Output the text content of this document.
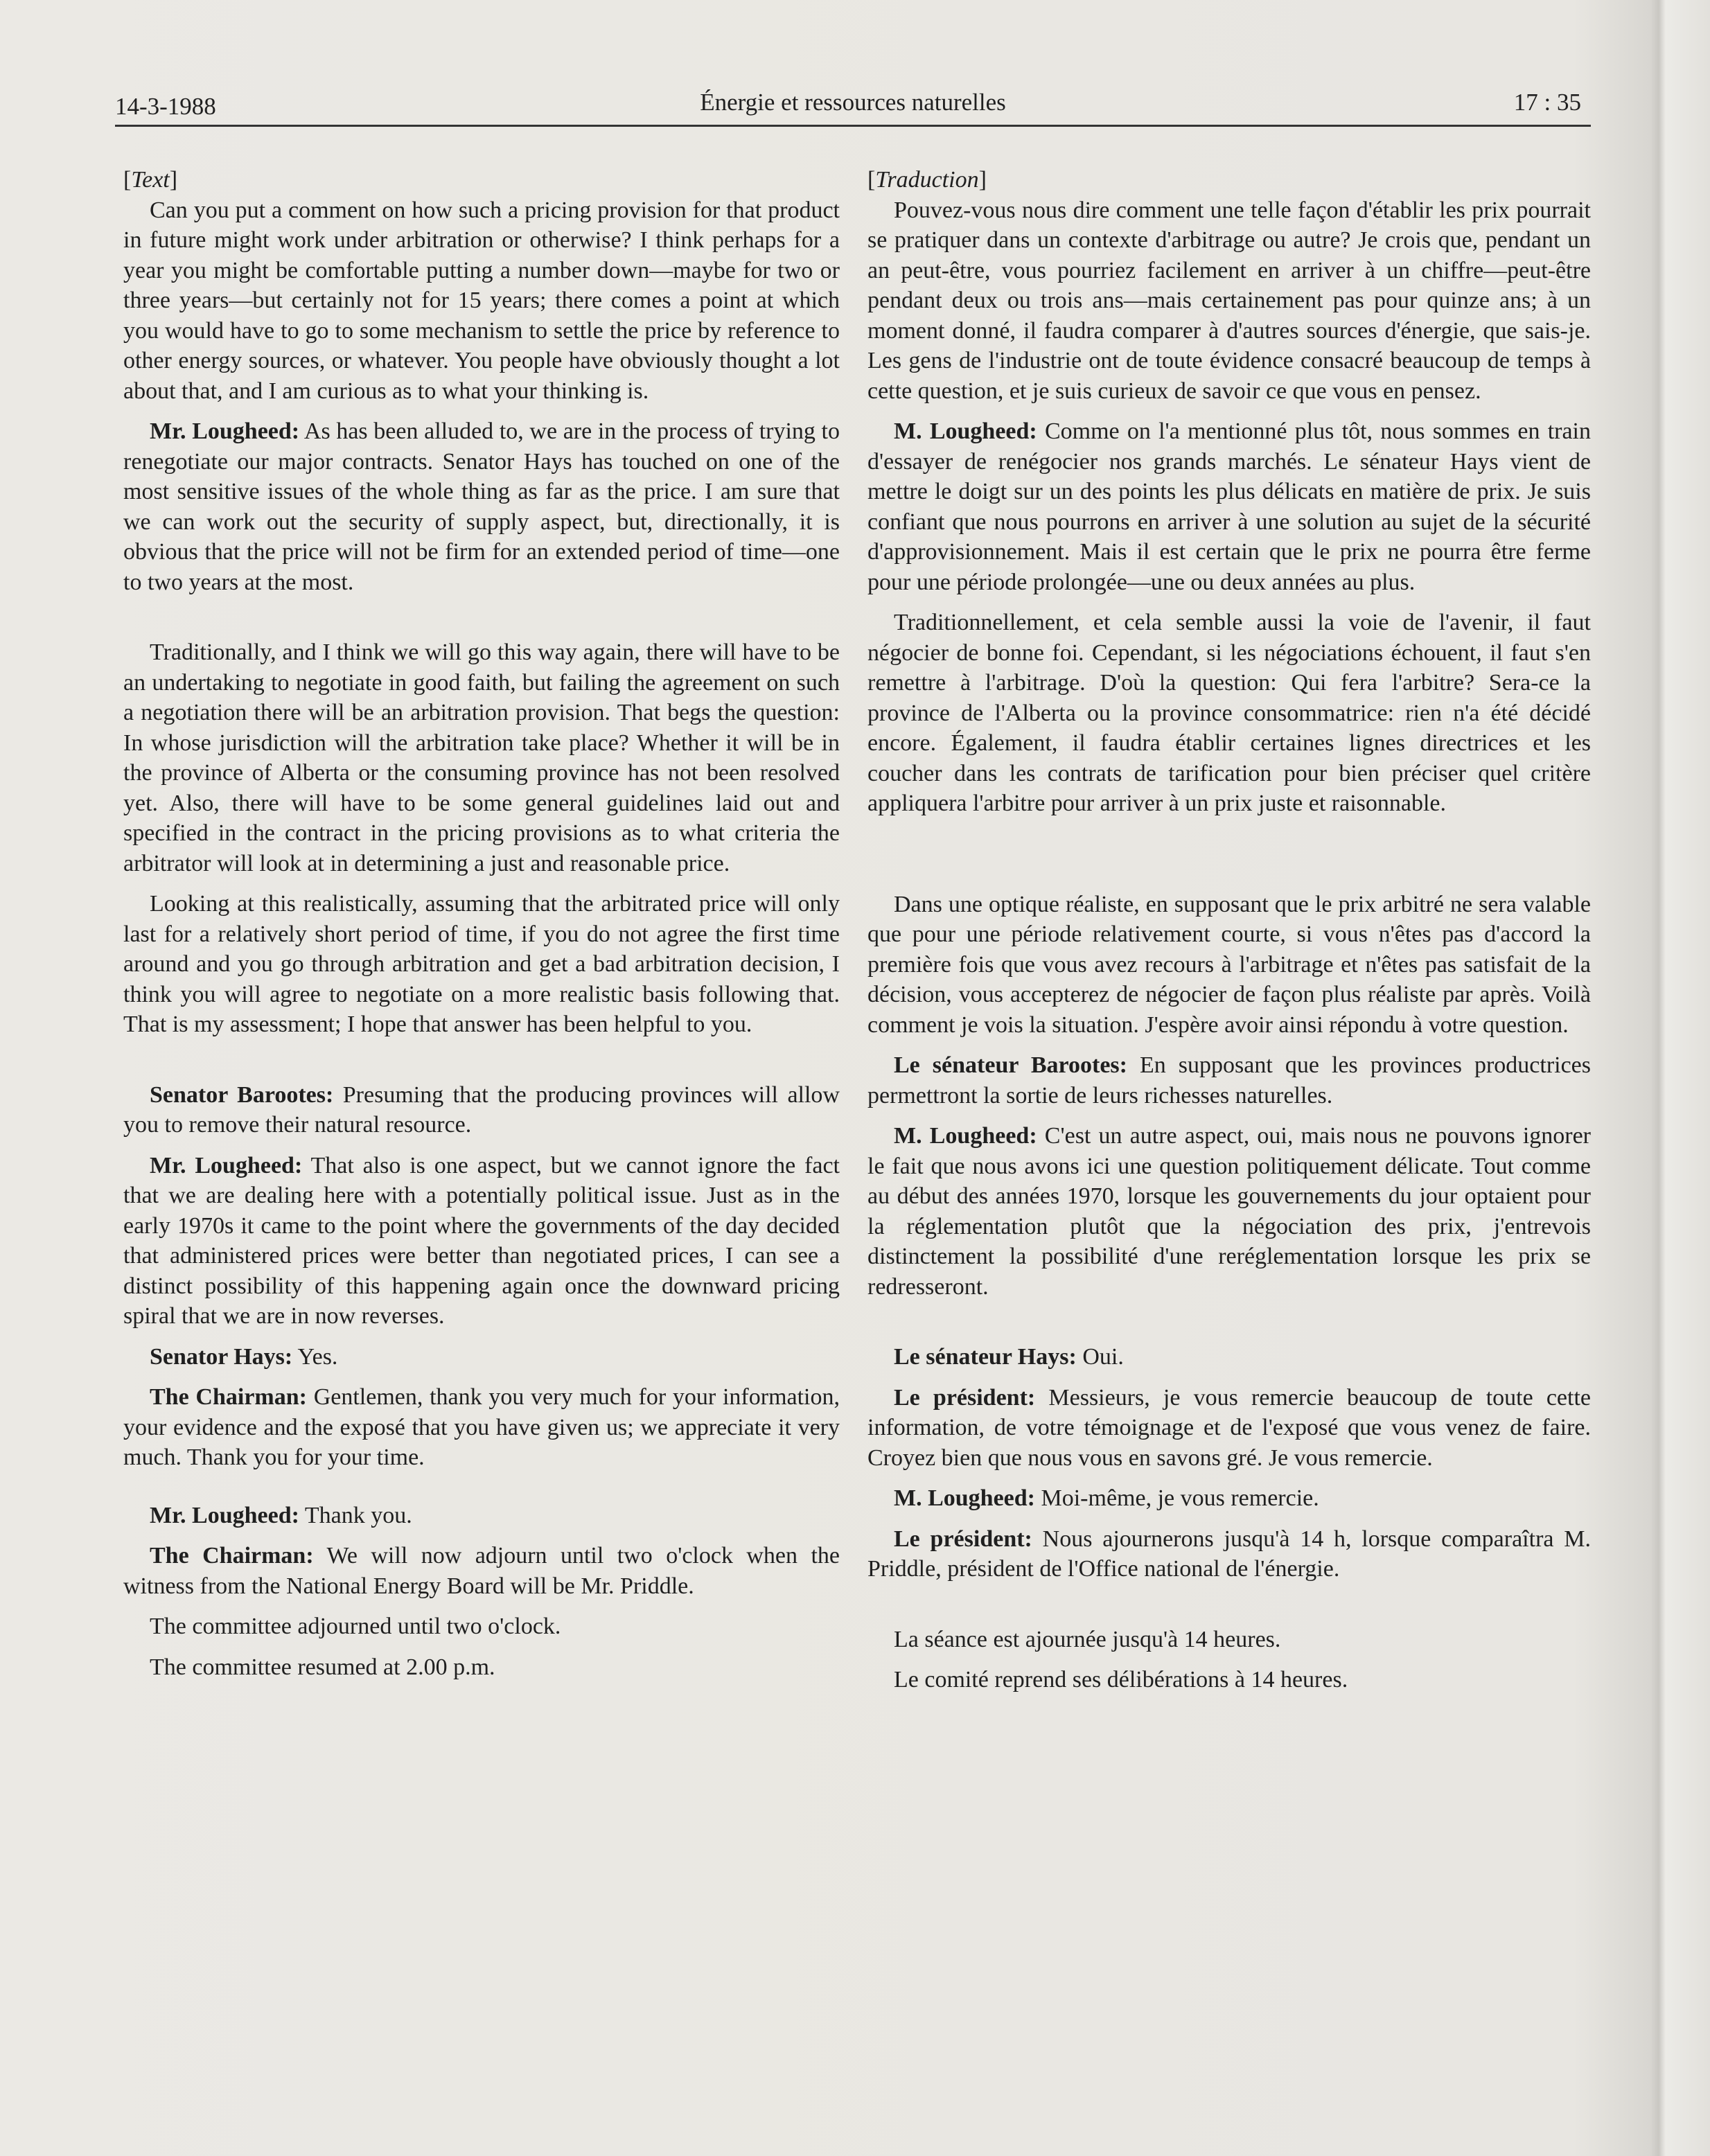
14-3-1988	Énergie et ressources naturelles	17 : 35

[Text]

Can you put a comment on how such a pricing provision for that product in future might work under arbitration or otherwise? I think perhaps for a year you might be comfortable putting a number down—maybe for two or three years—but certainly not for 15 years; there comes a point at which you would have to go to some mechanism to settle the price by reference to other energy sources, or whatever. You people have obviously thought a lot about that, and I am curious as to what your thinking is.

Mr. Lougheed: As has been alluded to, we are in the process of trying to renegotiate our major contracts. Senator Hays has touched on one of the most sensitive issues of the whole thing as far as the price. I am sure that we can work out the security of supply aspect, but, directionally, it is obvious that the price will not be firm for an extended period of time—one to two years at the most.

Traditionally, and I think we will go this way again, there will have to be an undertaking to negotiate in good faith, but failing the agreement on such a negotiation there will be an arbitration provision. That begs the question: In whose jurisdiction will the arbitration take place? Whether it will be in the province of Alberta or the consuming province has not been resolved yet. Also, there will have to be some general guidelines laid out and specified in the contract in the pricing provisions as to what criteria the arbitrator will look at in determining a just and reasonable price.

Looking at this realistically, assuming that the arbitrated price will only last for a relatively short period of time, if you do not agree the first time around and you go through arbitration and get a bad arbitration decision, I think you will agree to negotiate on a more realistic basis following that. That is my assessment; I hope that answer has been helpful to you.

Senator Barootes: Presuming that the producing provinces will allow you to remove their natural resource.

Mr. Lougheed: That also is one aspect, but we cannot ignore the fact that we are dealing here with a potentially political issue. Just as in the early 1970s it came to the point where the governments of the day decided that administered prices were better than negotiated prices, I can see a distinct possibility of this happening again once the downward pricing spiral that we are in now reverses.

Senator Hays: Yes.

The Chairman: Gentlemen, thank you very much for your information, your evidence and the exposé that you have given us; we appreciate it very much. Thank you for your time.

Mr. Lougheed: Thank you.

The Chairman: We will now adjourn until two o'clock when the witness from the National Energy Board will be Mr. Priddle.

The committee adjourned until two o'clock.

The committee resumed at 2.00 p.m.

[Traduction]

Pouvez-vous nous dire comment une telle façon d'établir les prix pourrait se pratiquer dans un contexte d'arbitrage ou autre? Je crois que, pendant un an peut-être, vous pourriez facilement en arriver à un chiffre—peut-être pendant deux ou trois ans—mais certainement pas pour quinze ans; à un moment donné, il faudra comparer à d'autres sources d'énergie, que sais-je. Les gens de l'industrie ont de toute évidence consacré beaucoup de temps à cette question, et je suis curieux de savoir ce que vous en pensez.

M. Lougheed: Comme on l'a mentionné plus tôt, nous sommes en train d'essayer de renégocier nos grands marchés. Le sénateur Hays vient de mettre le doigt sur un des points les plus délicats en matière de prix. Je suis confiant que nous pourrons en arriver à une solution au sujet de la sécurité d'approvisionnement. Mais il est certain que le prix ne pourra être ferme pour une période prolongée—une ou deux années au plus.

Traditionnellement, et cela semble aussi la voie de l'avenir, il faut négocier de bonne foi. Cependant, si les négociations échouent, il faut s'en remettre à l'arbitrage. D'où la question: Qui fera l'arbitre? Sera-ce la province de l'Alberta ou la province consommatrice: rien n'a été décidé encore. Également, il faudra établir certaines lignes directrices et les coucher dans les contrats de tarification pour bien préciser quel critère appliquera l'arbitre pour arriver à un prix juste et raisonnable.

Dans une optique réaliste, en supposant que le prix arbitré ne sera valable que pour une période relativement courte, si vous n'êtes pas d'accord la première fois que vous avez recours à l'arbitrage et n'êtes pas satisfait de la décision, vous accepterez de négocier de façon plus réaliste par après. Voilà comment je vois la situation. J'espère avoir ainsi répondu à votre question.

Le sénateur Barootes: En supposant que les provinces productrices permettront la sortie de leurs richesses naturelles.

M. Lougheed: C'est un autre aspect, oui, mais nous ne pouvons ignorer le fait que nous avons ici une question politiquement délicate. Tout comme au début des années 1970, lorsque les gouvernements du jour optaient pour la réglementation plutôt que la négociation des prix, j'entrevois distinctement la possibilité d'une reréglementation lorsque les prix se redresseront.

Le sénateur Hays: Oui.

Le président: Messieurs, je vous remercie beaucoup de toute cette information, de votre témoignage et de l'exposé que vous venez de faire. Croyez bien que nous vous en savons gré. Je vous remercie.

M. Lougheed: Moi-même, je vous remercie.

Le président: Nous ajournerons jusqu'à 14 h, lorsque comparaîtra M. Priddle, président de l'Office national de l'énergie.

La séance est ajournée jusqu'à 14 heures.

Le comité reprend ses délibérations à 14 heures.
